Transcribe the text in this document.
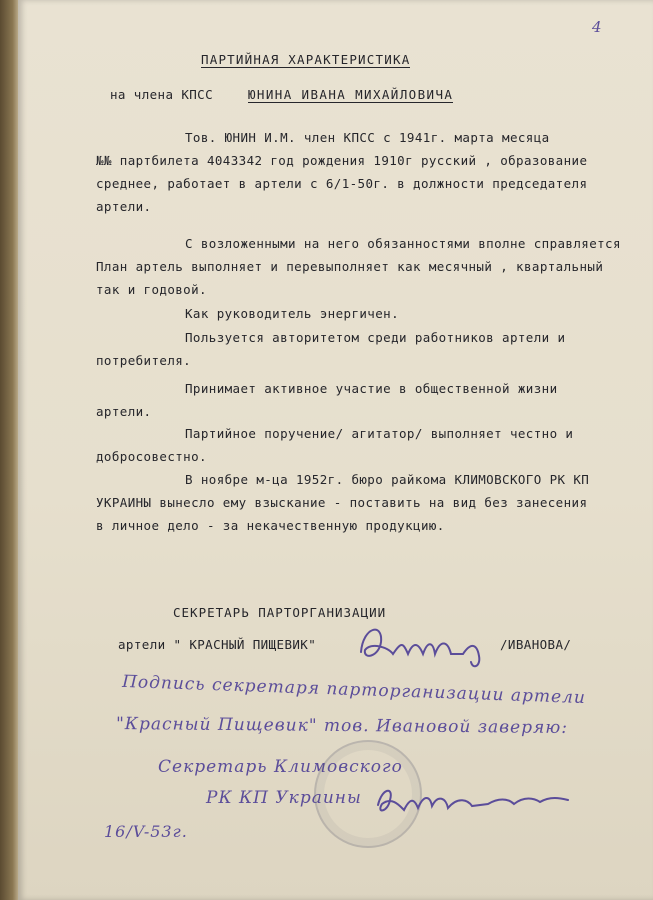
4
ПАРТИЙНАЯ ХАРАКТЕРИСТИКА
на члена КПСС	ЮНИНА ИВАНА МИХАЙЛОВИЧА
Тов. ЮНИН И.М. член КПСС с 1941г. марта месяца
№№ партбилета 4043342 год рождения 1910г русский , образование
среднее, работает в артели с 6/1-50г. в должности председателя
артели.
С возложенными на него обязанностями вполне справляется
План артель выполняет и перевыполняет как месячный , квартальный
так и годовой.
Как руководитель энергичен.
Пользуется авторитетом среди работников артели и
потребителя.
Принимает активное участие в общественной жизни
артели.
Партийное поручение/ агитатор/ выполняет честно и
добросовестно.
В ноябре м-ца 1952г. бюро райкома КЛИМОВСКОГО РК КП
УКРАИНЫ вынесло ему взыскание - поставить на вид без занесения
в личное дело - за некачественную продукцию.
СЕКРЕТАРЬ ПАРТОРГАНИЗАЦИИ
артели " КРАСНЫЙ ПИЩЕВИК"	/ИВАНОВА/
Подпись секретаря парторганизации артели
"Красный Пищевик" тов. Ивановой заверяю:
Секретарь Климовского
РК КП Украины
16/V-53г.
